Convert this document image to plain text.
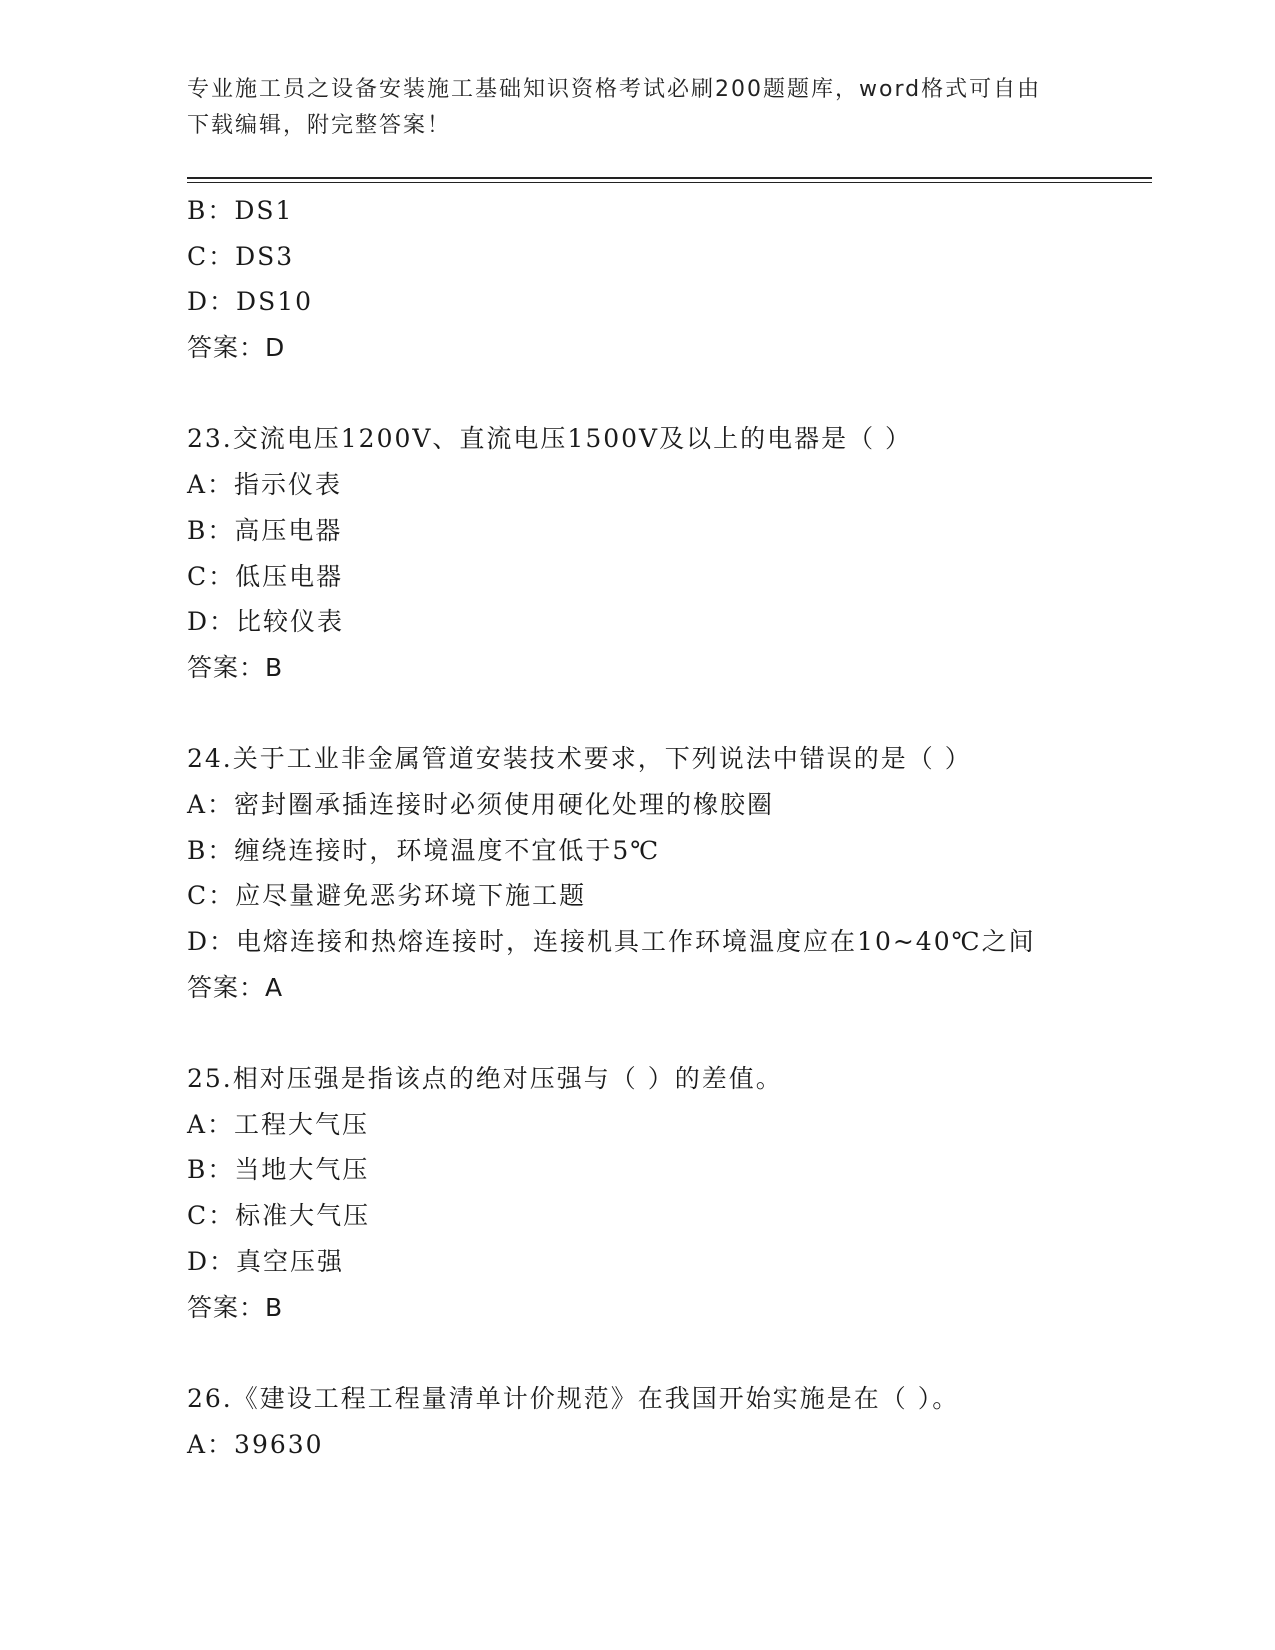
专业施工员之设备安装施工基础知识资格考试必刷200题题库，word格式可自由
下载编辑，附完整答案！
B：DS1
C：DS3
D：DS10
答案：D
23.交流电压1200V、直流电压1500V及以上的电器是（ ）
A：指示仪表
B：高压电器
C：低压电器
D：比较仪表
答案：B
24.关于工业非金属管道安装技术要求，下列说法中错误的是（ ）
A：密封圈承插连接时必须使用硬化处理的橡胶圈
B：缠绕连接时，环境温度不宜低于5℃
C：应尽量避免恶劣环境下施工题
D：电熔连接和热熔连接时，连接机具工作环境温度应在10~40℃之间
答案：A
25.相对压强是指该点的绝对压强与（ ）的差值。
A：工程大气压
B：当地大气压
C：标准大气压
D：真空压强
答案：B
26.《建设工程工程量清单计价规范》在我国开始实施是在（ ）。
A：39630
